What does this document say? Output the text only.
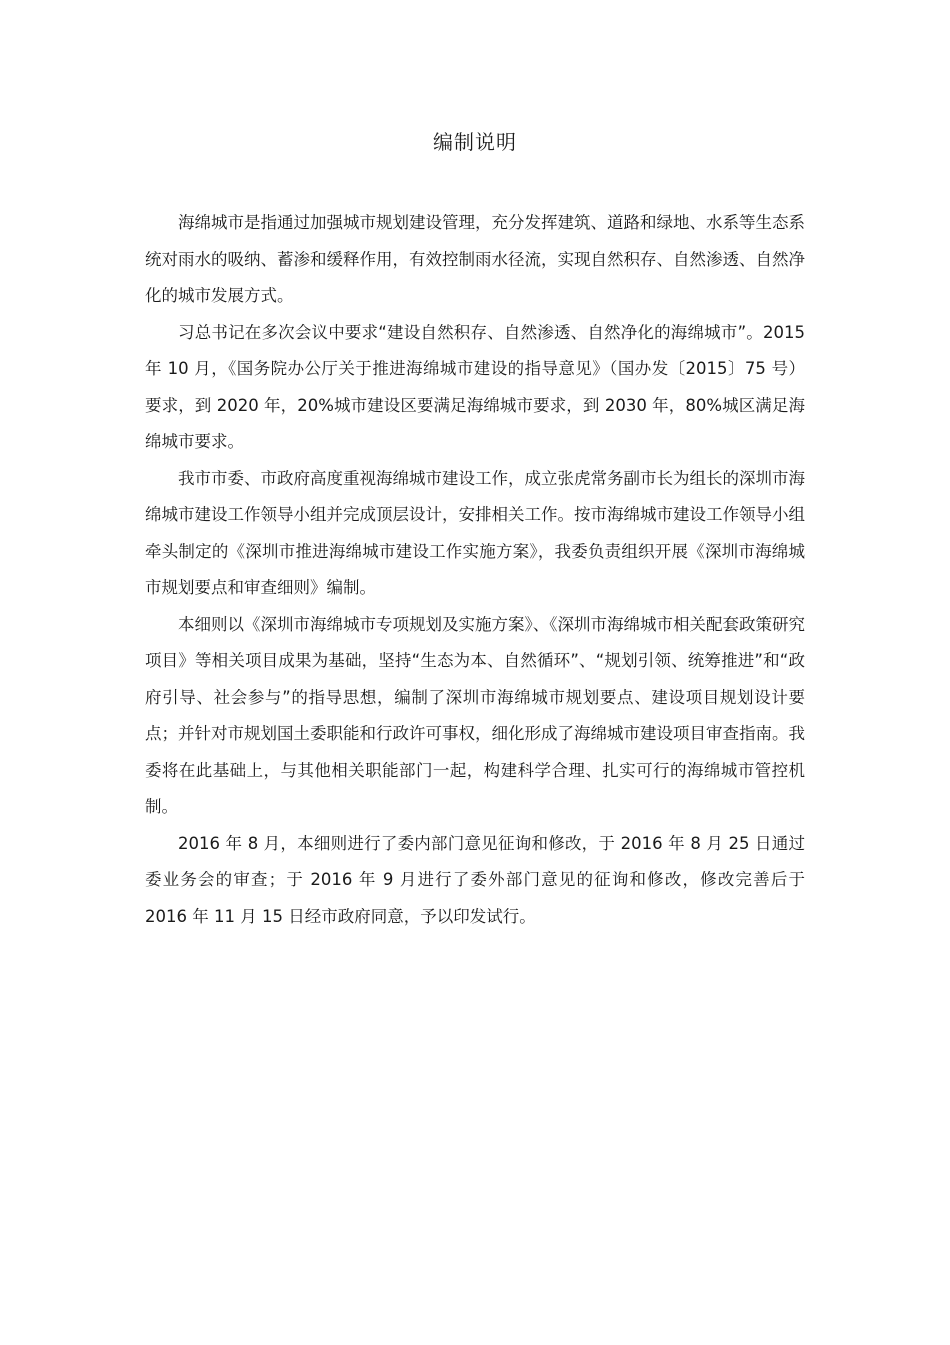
编制说明

海绵城市是指通过加强城市规划建设管理，充分发挥建筑、道路和绿地、水系等生态系统对雨水的吸纳、蓄渗和缓释作用，有效控制雨水径流，实现自然积存、自然渗透、自然净化的城市发展方式。

习总书记在多次会议中要求“建设自然积存、自然渗透、自然净化的海绵城市”。2015 年 10 月，《国务院办公厅关于推进海绵城市建设的指导意见》（国办发〔2015〕75 号）要求，到 2020 年，20%城市建设区要满足海绵城市要求，到 2030 年，80%城区满足海绵城市要求。

我市市委、市政府高度重视海绵城市建设工作，成立张虎常务副市长为组长的深圳市海绵城市建设工作领导小组并完成顶层设计，安排相关工作。按市海绵城市建设工作领导小组牵头制定的《深圳市推进海绵城市建设工作实施方案》，我委负责组织开展《深圳市海绵城市规划要点和审查细则》编制。

本细则以《深圳市海绵城市专项规划及实施方案》、《深圳市海绵城市相关配套政策研究项目》等相关项目成果为基础，坚持“生态为本、自然循环”、“规划引领、统筹推进”和“政府引导、社会参与”的指导思想，编制了深圳市海绵城市规划要点、建设项目规划设计要点；并针对市规划国土委职能和行政许可事权，细化形成了海绵城市建设项目审查指南。我委将在此基础上，与其他相关职能部门一起，构建科学合理、扎实可行的海绵城市管控机制。

2016 年 8 月，本细则进行了委内部门意见征询和修改，于 2016 年 8 月 25 日通过委业务会的审查；于 2016 年 9 月进行了委外部门意见的征询和修改，修改完善后于 2016 年 11 月 15 日经市政府同意，予以印发试行。
